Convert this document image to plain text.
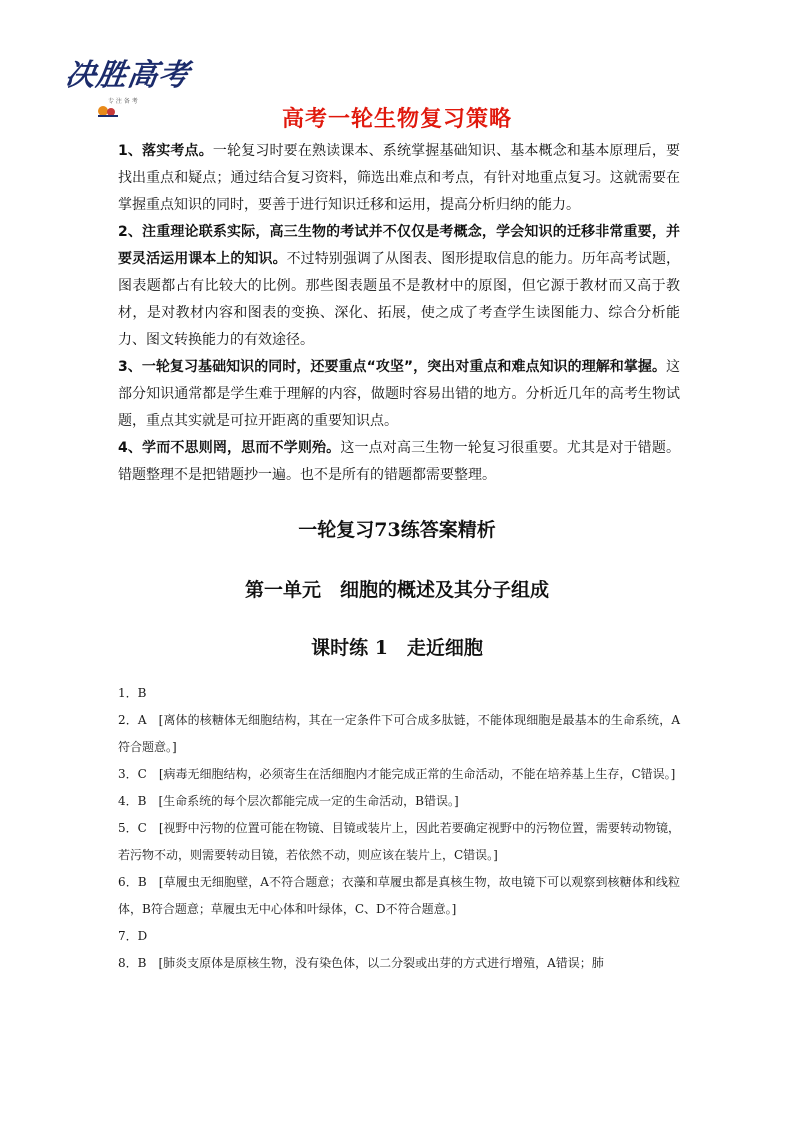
决胜高考
专 注 备 考
高考一轮生物复习策略

1、落实考点。一轮复习时要在熟读课本、系统掌握基础知识、基本概念和基本原理后，要找出重点和疑点；通过结合复习资料，筛选出难点和考点，有针对地重点复习。这就需要在掌握重点知识的同时，要善于进行知识迁移和运用，提高分析归纳的能力。

2、注重理论联系实际，高三生物的考试并不仅仅是考概念，学会知识的迁移非常重要，并要灵活运用课本上的知识。不过特别强调了从图表、图形提取信息的能力。历年高考试题，图表题都占有比较大的比例。那些图表题虽不是教材中的原图，但它源于教材而又高于教材，是对教材内容和图表的变换、深化、拓展，使之成了考查学生读图能力、综合分析能力、图文转换能力的有效途径。

3、一轮复习基础知识的同时，还要重点“攻坚”，突出对重点和难点知识的理解和掌握。这部分知识通常都是学生难于理解的内容，做题时容易出错的地方。分析近几年的高考生物试题，重点其实就是可拉开距离的重要知识点。

4、学而不思则罔，思而不学则殆。这一点对高三生物一轮复习很重要。尤其是对于错题。错题整理不是把错题抄一遍。也不是所有的错题都需要整理。

一轮复习73练答案精析
第一单元　细胞的概述及其分子组成
课时练 1　走近细胞

1．B

2．A　[离体的核糖体无细胞结构，其在一定条件下可合成多肽链，不能体现细胞是最基本的生命系统，A符合题意。]

3．C　[病毒无细胞结构，必须寄生在活细胞内才能完成正常的生命活动，不能在培养基上生存，C错误。]

4．B　[生命系统的每个层次都能完成一定的生命活动，B错误。]

5．C　[视野中污物的位置可能在物镜、目镜或装片上，因此若要确定视野中的污物位置，需要转动物镜，若污物不动，则需要转动目镜，若依然不动，则应该在装片上，C错误。]

6．B　[草履虫无细胞壁，A不符合题意；衣藻和草履虫都是真核生物，故电镜下可以观察到核糖体和线粒体，B符合题意；草履虫无中心体和叶绿体，C、D不符合题意。]

7．D

8．B　[肺炎支原体是原核生物，没有染色体，以二分裂或出芽的方式进行增殖，A错误；肺
